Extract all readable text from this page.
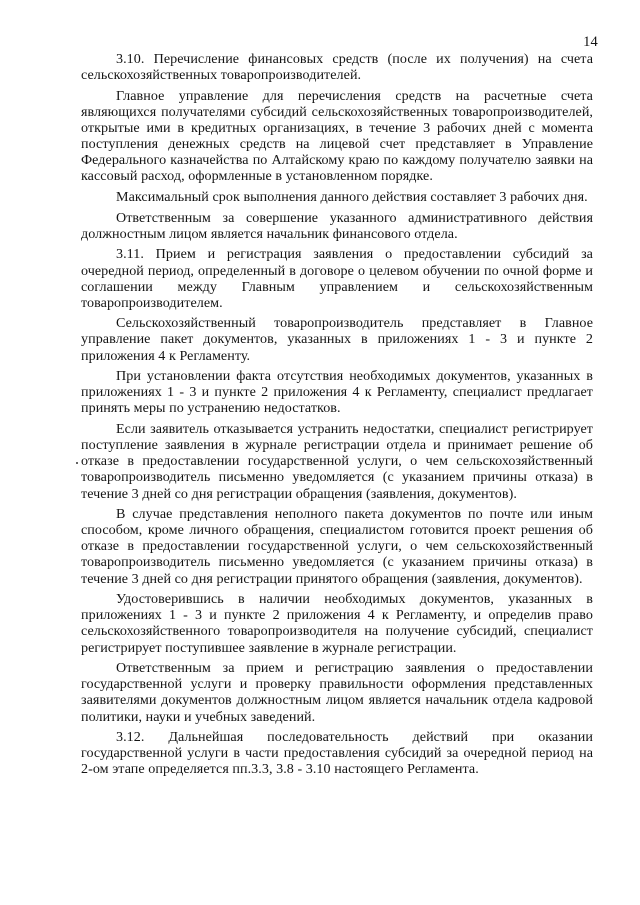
14

3.10. Перечисление финансовых средств (после их получения) на счета сельскохозяйственных товаропроизводителей.

Главное управление для перечисления средств на расчетные счета являющихся получателями субсидий сельскохозяйственных товаропроизводителей, открытые ими в кредитных организациях, в течение 3 рабочих дней с момента поступления денежных средств на лицевой счет представляет в Управление Федерального казначейства по Алтайскому краю по каждому получателю заявки на кассовый расход, оформленные в установленном порядке.

Максимальный срок выполнения данного действия составляет 3 рабочих дня.

Ответственным за совершение указанного административного действия должностным лицом является начальник финансового отдела.

3.11. Прием и регистрация заявления о предоставлении субсидий за очередной период, определенный в договоре о целевом обучении по очной форме и соглашении между Главным управлением и сельскохозяйственным товаропроизводителем.

Сельскохозяйственный товаропроизводитель представляет в Главное управление пакет документов, указанных в приложениях 1 - 3 и пункте 2 приложения 4 к Регламенту.

При установлении факта отсутствия необходимых документов, указанных в приложениях 1 - 3 и пункте 2 приложения 4 к Регламенту, специалист предлагает принять меры по устранению недостатков.

Если заявитель отказывается устранить недостатки, специалист регистрирует поступление заявления в журнале регистрации отдела и принимает решение об отказе в предоставлении государственной услуги, о чем сельскохозяйственный товаропроизводитель письменно уведомляется (с указанием причины отказа) в течение 3 дней со дня регистрации обращения (заявления, документов).

В случае представления неполного пакета документов по почте или иным способом, кроме личного обращения, специалистом готовится проект решения об отказе в предоставлении государственной услуги, о чем сельскохозяйственный товаропроизводитель письменно уведомляется (с указанием причины отказа) в течение 3 дней со дня регистрации принятого обращения (заявления, документов).

Удостоверившись в наличии необходимых документов, указанных в приложениях 1 - 3 и пункте 2 приложения 4 к Регламенту, и определив право сельскохозяйственного товаропроизводителя на получение субсидий, специалист регистрирует поступившее заявление в журнале регистрации.

Ответственным за прием и регистрацию заявления о предоставлении государственной услуги и проверку правильности оформления представленных заявителями документов должностным лицом является начальник отдела кадровой политики, науки и учебных заведений.

3.12. Дальнейшая последовательность действий при оказании государственной услуги в части предоставления субсидий за очередной период на 2-ом этапе определяется пп.3.3, 3.8 - 3.10 настоящего Регламента.
